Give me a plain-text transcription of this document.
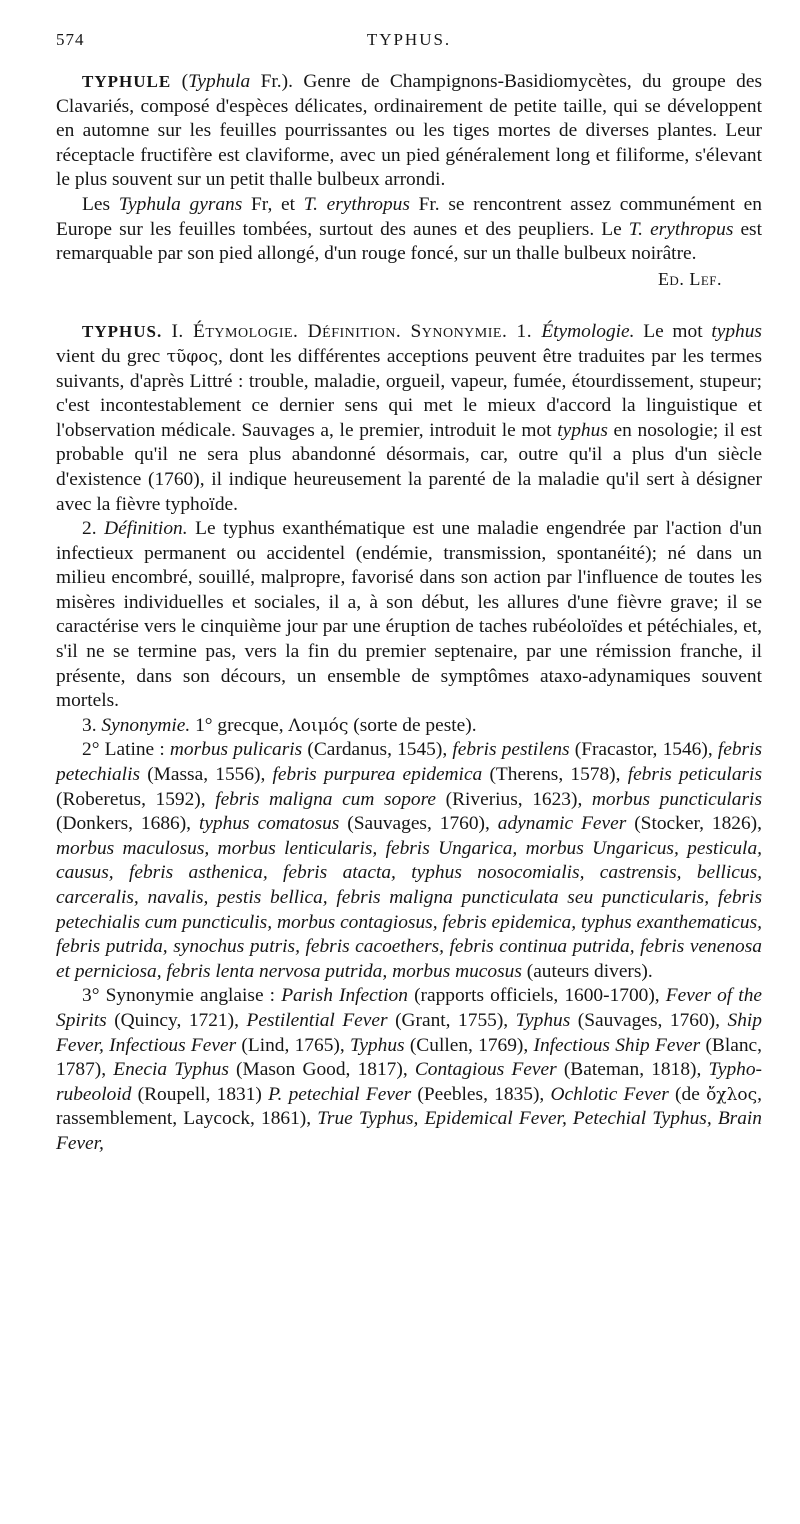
574	TYPHUS.

TYPHULE (Typhula Fr.). Genre de Champignons-Basidiomycètes, du groupe des Clavariés, composé d'espèces délicates, ordinairement de petite taille, qui se développent en automne sur les feuilles pourrissantes ou les tiges mortes de diverses plantes. Leur réceptacle fructifère est claviforme, avec un pied généralement long et filiforme, s'élevant le plus souvent sur un petit thalle bulbeux arrondi.

Les Typhula gyrans Fr, et T. erythropus Fr. se rencontrent assez communément en Europe sur les feuilles tombées, surtout des aunes et des peupliers. Le T. erythropus est remarquable par son pied allongé, d'un rouge foncé, sur un thalle bulbeux noirâtre.

Ed. Lef.

TYPHUS. I. Étymologie. Définition. Synonymie. 1. Étymologie. Le mot typhus vient du grec τῦφος, dont les différentes acceptions peuvent être traduites par les termes suivants, d'après Littré : trouble, maladie, orgueil, vapeur, fumée, étourdissement, stupeur; c'est incontestablement ce dernier sens qui met le mieux d'accord la linguistique et l'observation médicale. Sauvages a, le premier, introduit le mot typhus en nosologie; il est probable qu'il ne sera plus abandonné désormais, car, outre qu'il a plus d'un siècle d'existence (1760), il indique heureusement la parenté de la maladie qu'il sert à désigner avec la fièvre typhoïde.

2. Définition. Le typhus exanthématique est une maladie engendrée par l'action d'un infectieux permanent ou accidentel (endémie, transmission, spontanéité); né dans un milieu encombré, souillé, malpropre, favorisé dans son action par l'influence de toutes les misères individuelles et sociales, il a, à son début, les allures d'une fièvre grave; il se caractérise vers le cinquième jour par une éruption de taches rubéoloïdes et pétéchiales, et, s'il ne se termine pas, vers la fin du premier septenaire, par une rémission franche, il présente, dans son décours, un ensemble de symptômes ataxo-adynamiques souvent mortels.

3. Synonymie. 1° grecque, Λοιμός (sorte de peste).

2° Latine : morbus pulicaris (Cardanus, 1545), febris pestilens (Fracastor, 1546), febris petechialis (Massa, 1556), febris purpurea epidemica (Therens, 1578), febris peticularis (Roberetus, 1592), febris maligna cum sopore (Riverius, 1623), morbus puncticularis (Donkers, 1686), typhus comatosus (Sauvages, 1760), adynamic Fever (Stocker, 1826), morbus maculosus, morbus lenticularis, febris Ungarica, morbus Ungaricus, pesticula, causus, febris asthenica, febris atacta, typhus nosocomialis, castrensis, bellicus, carceralis, navalis, pestis bellica, febris maligna puncticulata seu puncticularis, febris petechialis cum puncticulis, morbus contagiosus, febris epidemica, typhus exanthematicus, febris putrida, synochus putris, febris cacoethers, febris continua putrida, febris venenosa et perniciosa, febris lenta nervosa putrida, morbus mucosus (auteurs divers).

3° Synonymie anglaise : Parish Infection (rapports officiels, 1600-1700), Fever of the Spirits (Quincy, 1721), Pestilential Fever (Grant, 1755), Typhus (Sauvages, 1760), Ship Fever, Infectious Fever (Lind, 1765), Typhus (Cullen, 1769), Infectious Ship Fever (Blanc, 1787), Enecia Typhus (Mason Good, 1817), Contagious Fever (Bateman, 1818), Typho-rubeoloid (Roupell, 1831) P. petechial Fever (Peebles, 1835), Ochlotic Fever (de ὄχλος, rassemblement, Laycock, 1861), True Typhus, Epidemical Fever, Petechial Typhus, Brain Fever,
